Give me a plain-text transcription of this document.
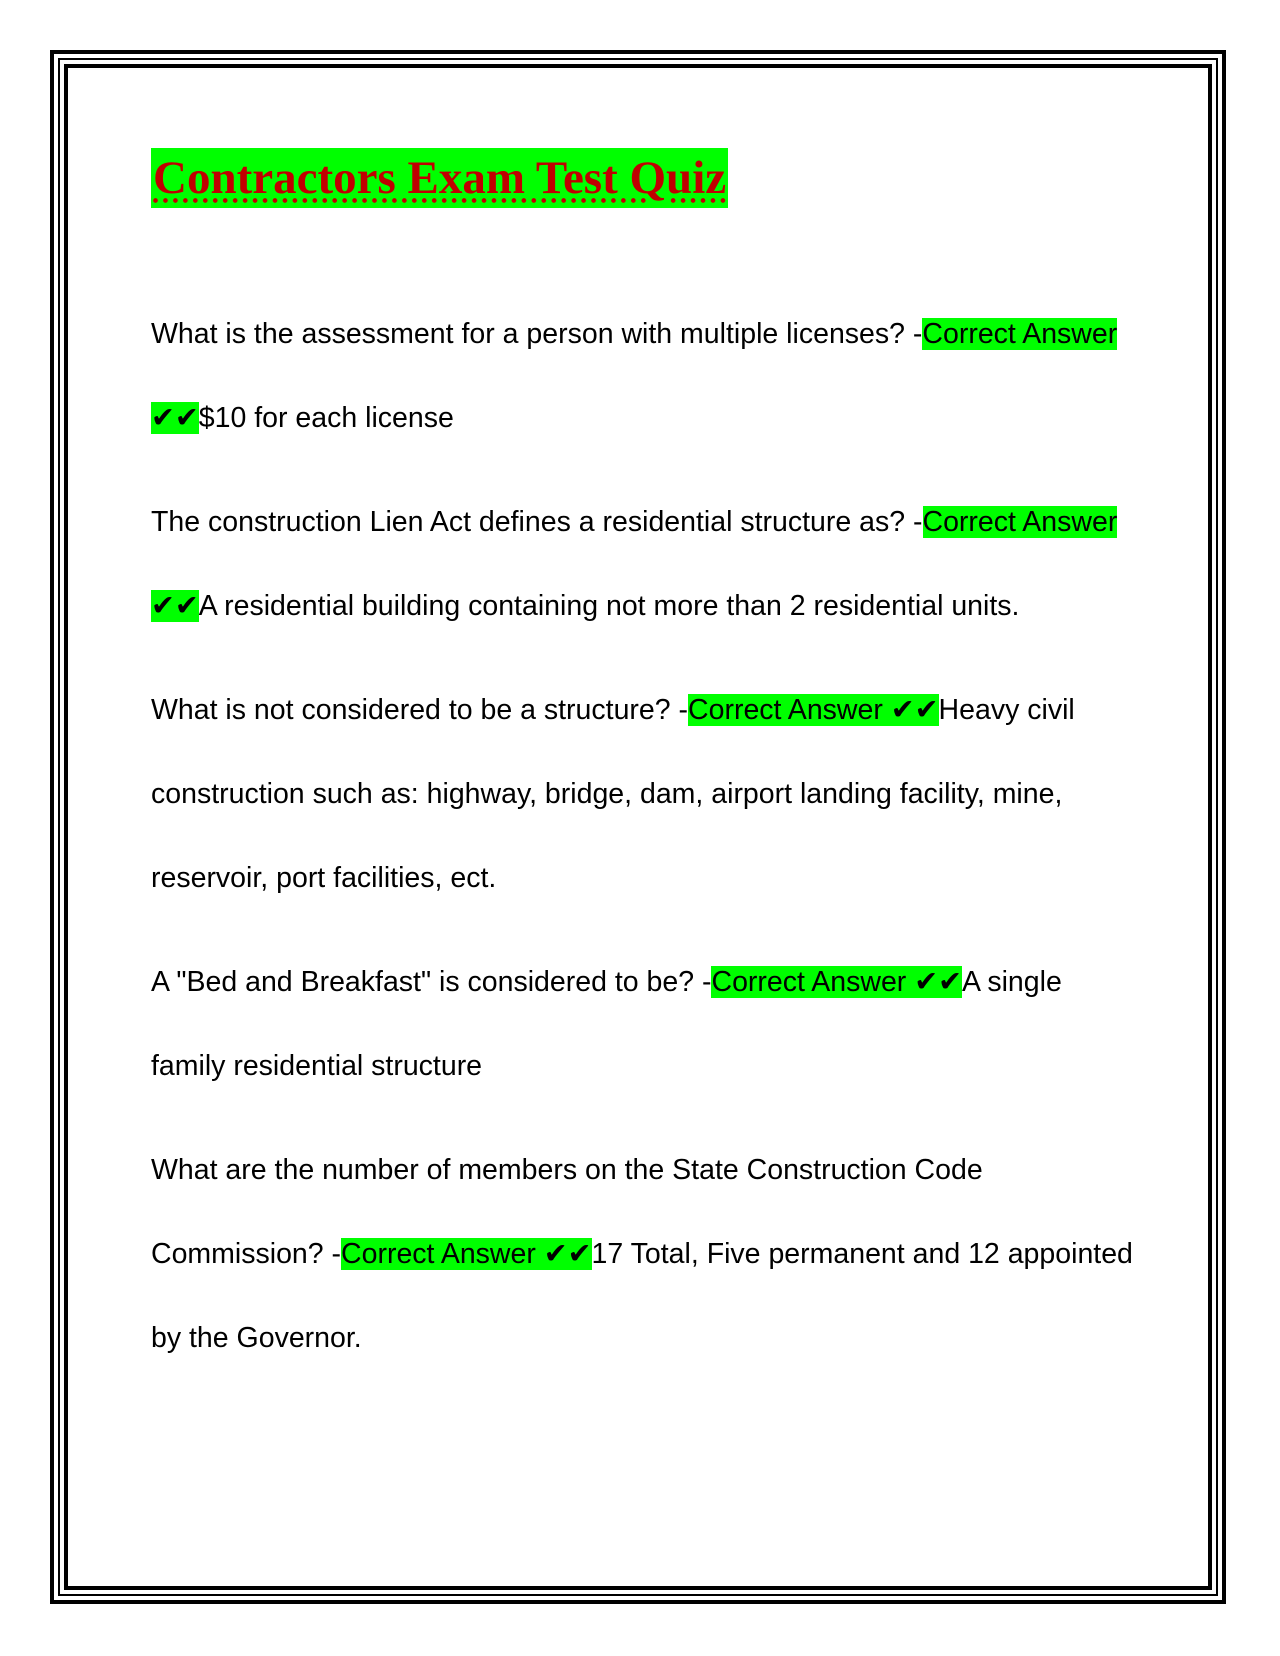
Contractors Exam Test Quiz

What is the assessment for a person with multiple licenses? -Correct Answer ✔✔$10 for each license

The construction Lien Act defines a residential structure as? -Correct Answer ✔✔A residential building containing not more than 2 residential units.

What is not considered to be a structure? -Correct Answer ✔✔Heavy civil construction such as: highway, bridge, dam, airport landing facility, mine, reservoir, port facilities, ect.

A "Bed and Breakfast" is considered to be? -Correct Answer ✔✔A single family residential structure

What are the number of members on the State Construction Code Commission? -Correct Answer ✔✔17 Total, Five permanent and 12 appointed by the Governor.
